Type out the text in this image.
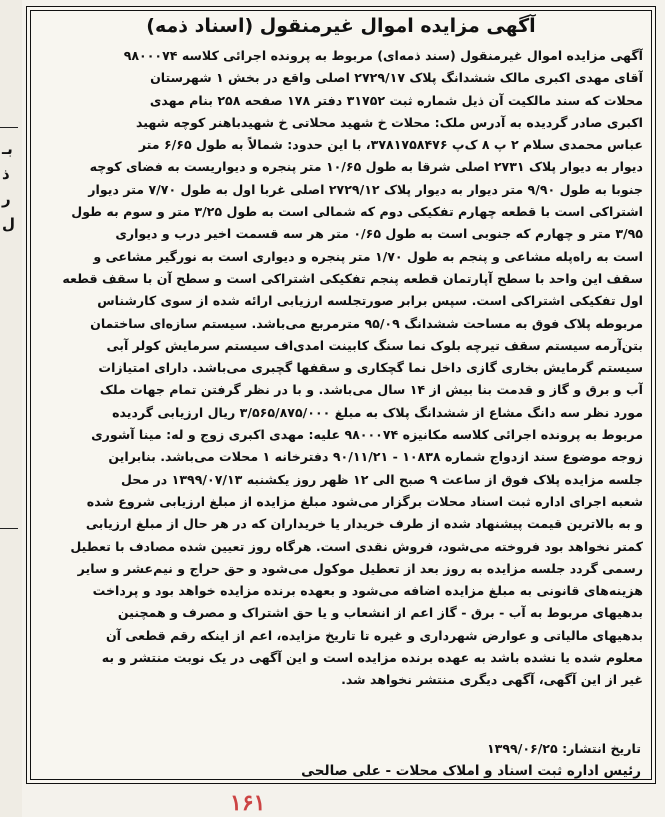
بـ
ذ
ر
ل
آگهی مزایده اموال غیرمنقول (اسناد ذمه)
آگهی مزایده اموال غیرمنقول (سند ذمه‌ای) مربوط به پرونده اجرائی کلاسه ۹۸۰۰۰۷۴
آقای مهدی اکبری مالک ششدانگ پلاک ۲۷۲۹/۱۷ اصلی واقع در بخش ۱ شهرستان
محلات که سند مالکیت آن ذیل شماره ثبت ۳۱۷۵۲ دفتر ۱۷۸ صفحه ۲۵۸ بنام مهدی
اکبری صادر گردیده به آدرس ملک: محلات خ شهید محلاتی خ شهیدباهنر کوچه شهید
عباس محمدی سلام ۲ پ ۸ ک‌پ ۳۷۸۱۷۵۸۴۷۶، با این حدود: شمالاً به طول ۶/۶۵ متر
دیوار به دیوار پلاک ۲۷۳۱ اصلی شرقا به طول ۱۰/۶۵ متر پنجره و دیواریست به فضای کوچه
جنوبا به طول ۹/۹۰ متر دیوار به دیوار پلاک ۲۷۲۹/۱۲ اصلی غربا اول به طول ۷/۷۰ متر دیوار
اشتراکی است با قطعه چهارم تفکیکی دوم که شمالی است به طول ۳/۲۵ متر و سوم به طول
۳/۹۵ متر و چهارم که جنوبی است به طول ۰/۶۵ متر هر سه قسمت اخیر درب و دیواری
است به راه‌پله مشاعی و پنجم به طول ۱/۷۰ متر پنجره و دیواری است به نورگیر مشاعی و
سقف این واحد با سطح آپارتمان قطعه پنجم تفکیکی اشتراکی است و سطح آن با سقف قطعه
اول تفکیکی اشتراکی است. سپس برابر صورتجلسه ارزیابی ارائه شده از سوی کارشناس
مربوطه پلاک فوق به مساحت ششدانگ ۹۵/۰۹ مترمربع می‌باشد. سیستم سازه‌ای ساختمان
بتن‌آرمه سیستم سقف تیرچه بلوک نما سنگ کابینت امدی‌اف سیستم سرمایش کولر آبی
سیستم گرمایش بخاری گازی داخل نما گچکاری و سقفها گچبری می‌باشد. دارای امتیازات
آب و برق و گاز و قدمت بنا بیش از ۱۴ سال می‌باشد. و با در نظر گرفتن تمام جهات ملک
مورد نظر سه دانگ مشاع از ششدانگ پلاک به مبلغ ۳/۵۶۵/۸۷۵/۰۰۰ ریال ارزیابی گردیده
مربوط به پرونده اجرائی کلاسه مکانیزه ۹۸۰۰۰۷۴ علیه: مهدی اکبری زوج و له: مینا آشوری
زوجه موضوع سند ازدواج شماره ۱۰۸۳۸ - ۹۰/۱۱/۲۱ دفترخانه ۱ محلات می‌باشد. بنابراین
جلسه مزایده پلاک فوق از ساعت ۹ صبح الی ۱۲ ظهر روز یکشنبه ۱۳۹۹/۰۷/۱۳ در محل
شعبه اجرای اداره ثبت اسناد محلات برگزار می‌شود مبلغ مزایده از مبلغ ارزیابی شروع شده
و به بالاترین قیمت پیشنهاد شده از طرف خریدار یا خریداران که در هر حال از مبلغ ارزیابی
کمتر نخواهد بود فروخته می‌شود، فروش نقدی است. هرگاه روز تعیین شده مصادف با تعطیل
رسمی گردد جلسه مزایده به روز بعد از تعطیل موکول می‌شود و حق حراج و نیم‌عشر و سایر
هزینه‌های قانونی به مبلغ مزایده اضافه می‌شود و بعهده برنده مزایده خواهد بود و پرداخت
بدهیهای مربوط به آب - برق - گاز اعم از انشعاب و یا حق اشتراک و مصرف و همچنین
بدهیهای مالیاتی و عوارض شهرداری و غیره تا تاریخ مزایده، اعم از اینکه رقم قطعی آن
معلوم شده یا نشده باشد به عهده برنده مزایده است و این آگهی در یک نوبت منتشر و به
غیر از این آگهی، آگهی دیگری منتشر نخواهد شد.
تاریخ انتشار: ۱۳۹۹/۰۶/۲۵
رئیس اداره ثبت اسناد و املاک محلات - علی صالحی
۱۶۱
